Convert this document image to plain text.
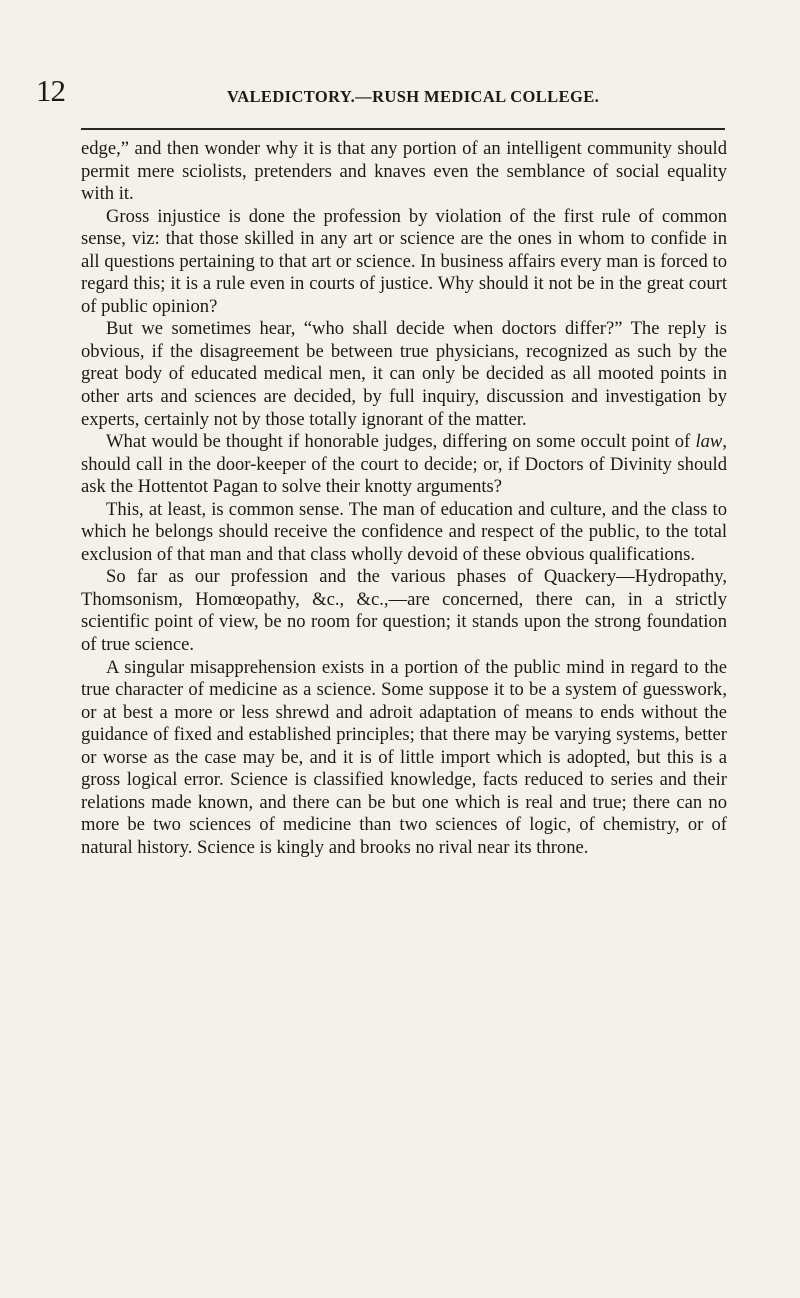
12	VALEDICTORY.—RUSH MEDICAL COLLEGE.

edge,” and then wonder why it is that any portion of an intelligent community should permit mere sciolists, pretenders and knaves even the semblance of social equality with it.

Gross injustice is done the profession by violation of the first rule of common sense, viz: that those skilled in any art or science are the ones in whom to confide in all questions pertaining to that art or science. In business affairs every man is forced to regard this; it is a rule even in courts of justice. Why should it not be in the great court of public opinion?

But we sometimes hear, “who shall decide when doctors differ?” The reply is obvious, if the disagreement be between true physicians, recognized as such by the great body of educated medical men, it can only be decided as all mooted points in other arts and sciences are decided, by full inquiry, discussion and investigation by experts, certainly not by those totally ignorant of the matter.

What would be thought if honorable judges, differing on some occult point of law, should call in the door-keeper of the court to decide; or, if Doctors of Divinity should ask the Hottentot Pagan to solve their knotty arguments?

This, at least, is common sense. The man of education and culture, and the class to which he belongs should receive the confidence and respect of the public, to the total exclusion of that man and that class wholly devoid of these obvious qualifications.

So far as our profession and the various phases of Quackery—Hydropathy, Thomsonism, Homœopathy, &c., &c.,—are concerned, there can, in a strictly scientific point of view, be no room for question; it stands upon the strong foundation of true science.

A singular misapprehension exists in a portion of the public mind in regard to the true character of medicine as a science. Some suppose it to be a system of guesswork, or at best a more or less shrewd and adroit adaptation of means to ends without the guidance of fixed and established principles; that there may be varying systems, better or worse as the case may be, and it is of little import which is adopted, but this is a gross logical error. Science is classified knowledge, facts reduced to series and their relations made known, and there can be but one which is real and true; there can no more be two sciences of medicine than two sciences of logic, of chemistry, or of natural history. Science is kingly and brooks no rival near its throne.
